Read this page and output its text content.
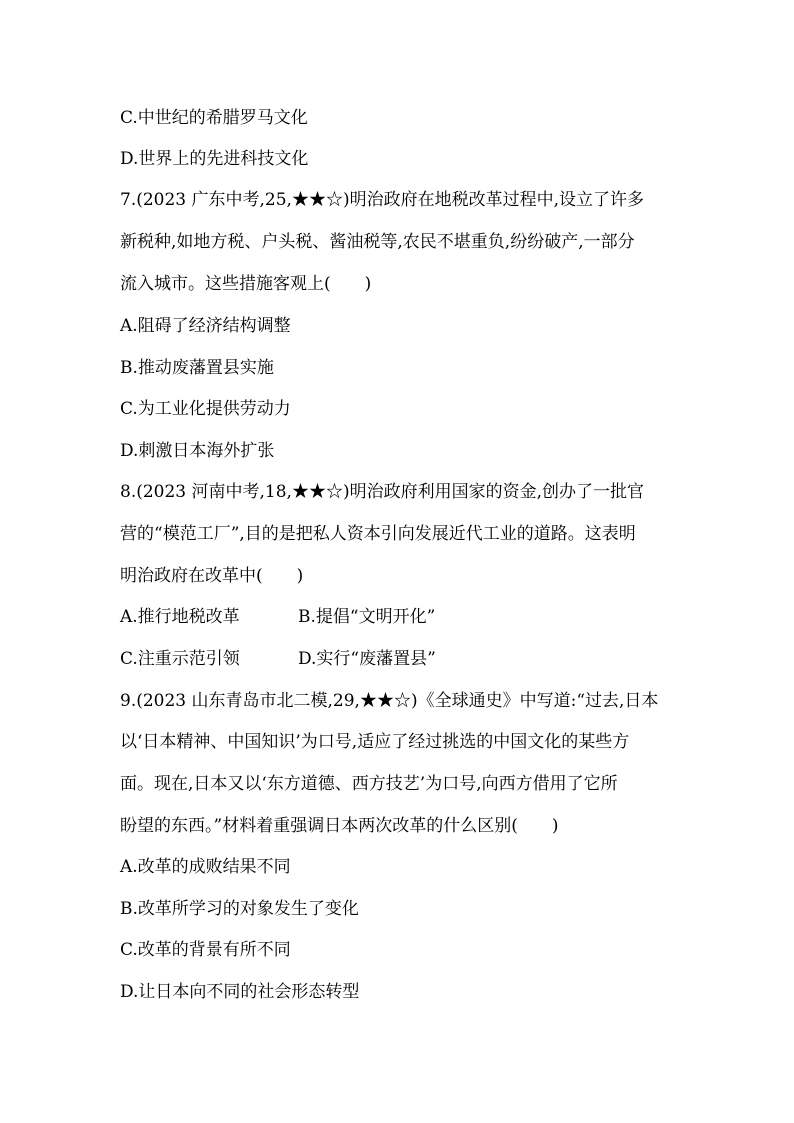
C.中世纪的希腊罗马文化
D.世界上的先进科技文化
7.(2023 广东中考,25,★★☆)明治政府在地税改革过程中,设立了许多
新税种,如地方税、户头税、酱油税等,农民不堪重负,纷纷破产,一部分
流入城市。这些措施客观上(　　)
A.阻碍了经济结构调整
B.推动废藩置县实施
C.为工业化提供劳动力
D.刺激日本海外扩张
8.(2023 河南中考,18,★★☆)明治政府利用国家的资金,创办了一批官
营的“模范工厂”,目的是把私人资本引向发展近代工业的道路。这表明
明治政府在改革中(　　)
A.推行地税改革	B.提倡“文明开化”
C.注重示范引领	D.实行“废藩置县”
9.(2023 山东青岛市北二模,29,★★☆)《全球通史》中写道:“过去,日本
以‘日本精神、中国知识’为口号,适应了经过挑选的中国文化的某些方
面。现在,日本又以‘东方道德、西方技艺’为口号,向西方借用了它所
盼望的东西。”材料着重强调日本两次改革的什么区别(　　)
A.改革的成败结果不同
B.改革所学习的对象发生了变化
C.改革的背景有所不同
D.让日本向不同的社会形态转型
